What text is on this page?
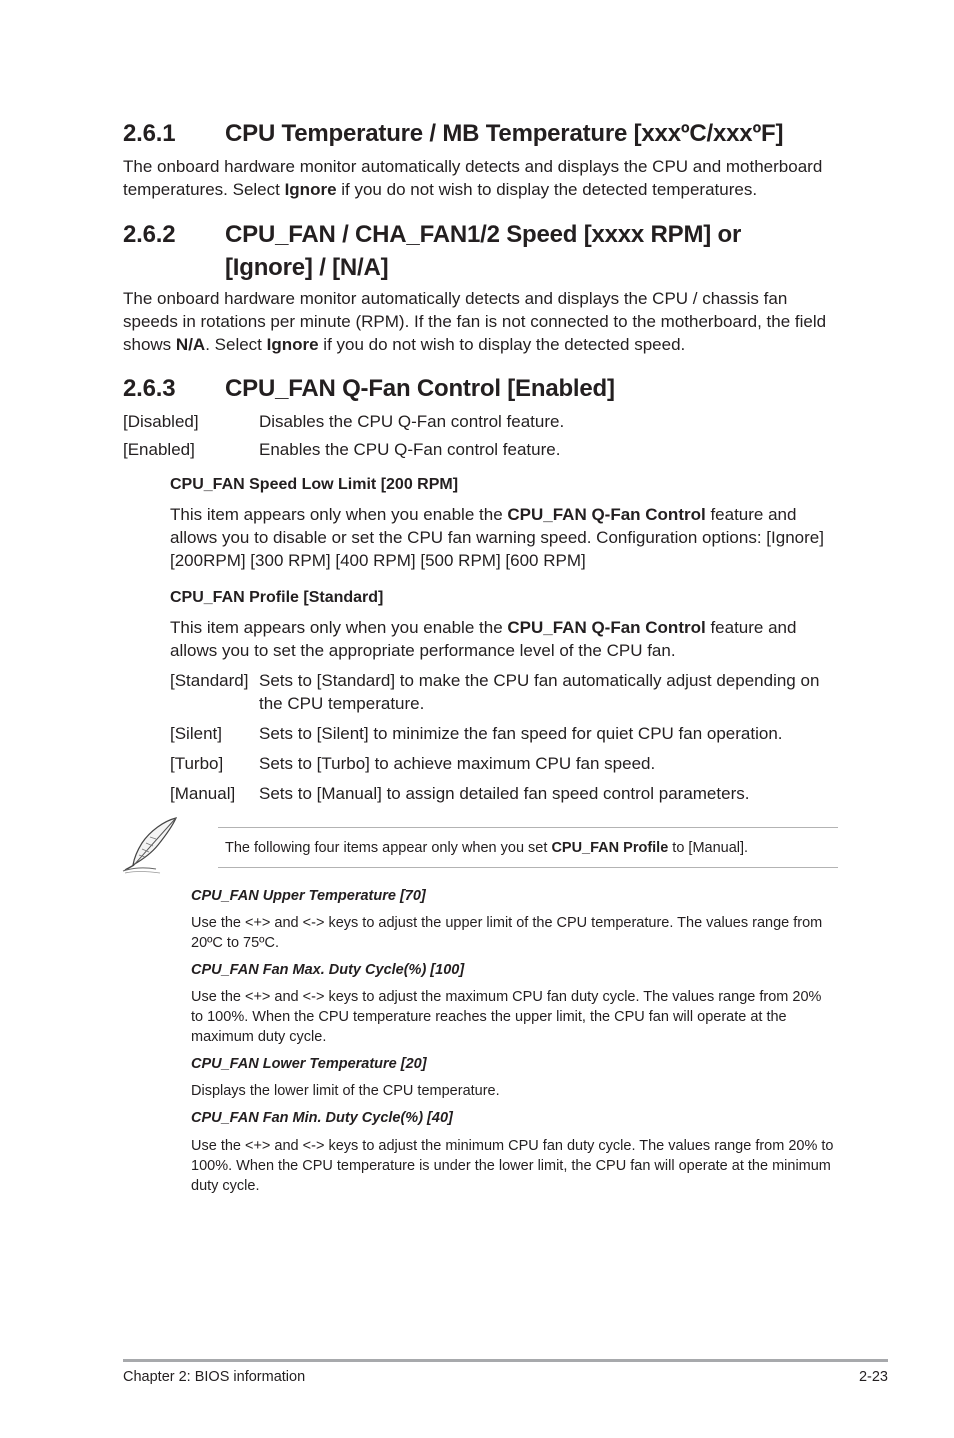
2.6.1 CPU Temperature / MB Temperature [xxxºC/xxxºF]

The onboard hardware monitor automatically detects and displays the CPU and motherboard temperatures. Select Ignore if you do not wish to display the detected temperatures.

2.6.2 CPU_FAN / CHA_FAN1/2 Speed [xxxx RPM] or
[Ignore] / [N/A]

The onboard hardware monitor automatically detects and displays the CPU / chassis fan speeds in rotations per minute (RPM). If the fan is not connected to the motherboard, the field shows N/A. Select Ignore if you do not wish to display the detected speed.

2.6.3 CPU_FAN Q-Fan Control [Enabled]
[Disabled]	Disables the CPU Q-Fan control feature.
[Enabled]	Enables the CPU Q-Fan control feature.
CPU_FAN Speed Low Limit [200 RPM]

This item appears only when you enable the CPU_FAN Q-Fan Control feature and allows you to disable or set the CPU fan warning speed. Configuration options: [Ignore] [200RPM] [300 RPM] [400 RPM] [500 RPM] [600 RPM]

CPU_FAN Profile [Standard]

This item appears only when you enable the CPU_FAN Q-Fan Control feature and allows you to set the appropriate performance level of the CPU fan.

[Standard] Sets to [Standard] to make the CPU fan automatically adjust depending on the CPU temperature.
[Silent] Sets to [Silent] to minimize the fan speed for quiet CPU fan operation.
[Turbo] Sets to [Turbo] to achieve maximum CPU fan speed.
[Manual] Sets to [Manual] to assign detailed fan speed control parameters.
The following four items appear only when you set CPU_FAN Profile to [Manual].
CPU_FAN Upper Temperature [70]

Use the <+> and <-> keys to adjust the upper limit of the CPU temperature. The values range from 20ºC to 75ºC.

CPU_FAN Fan Max. Duty Cycle(%) [100]

Use the <+> and <-> keys to adjust the maximum CPU fan duty cycle. The values range from 20% to 100%. When the CPU temperature reaches the upper limit, the CPU fan will operate at the maximum duty cycle.

CPU_FAN Lower Temperature [20]

Displays the lower limit of the CPU temperature.

CPU_FAN Fan Min. Duty Cycle(%) [40]

Use the <+> and <-> keys to adjust the minimum CPU fan duty cycle. The values range from 20% to 100%. When the CPU temperature is under the lower limit, the CPU fan will operate at the minimum duty cycle.

Chapter 2: BIOS information	2-23
